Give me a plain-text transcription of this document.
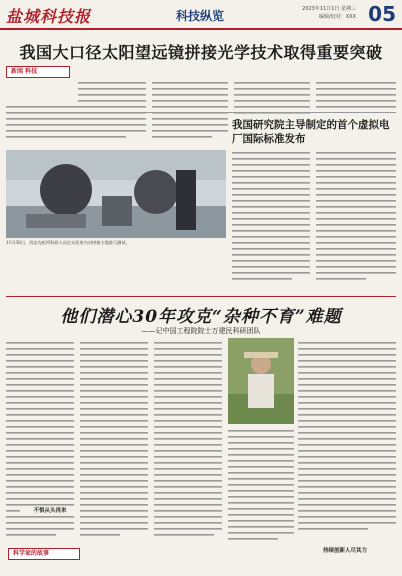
盐城科技报	科技纵览	2023年11月1日 星期三
编辑/校对：XXX 05
我国大口径太阳望远镜拼接光学技术取得重要突破
新闻 科技
11月30日，西安光机所科研人员在实验室内对拼接主镜进行测试。
我国研究院主导制定的首个虚拟电厂国际标准发布
他们潜心30年攻克“杂种不育”难题
——记中国工程院院士万建民科研团队
不惧从头再来
持续创新人尽其力
科学家的故事
